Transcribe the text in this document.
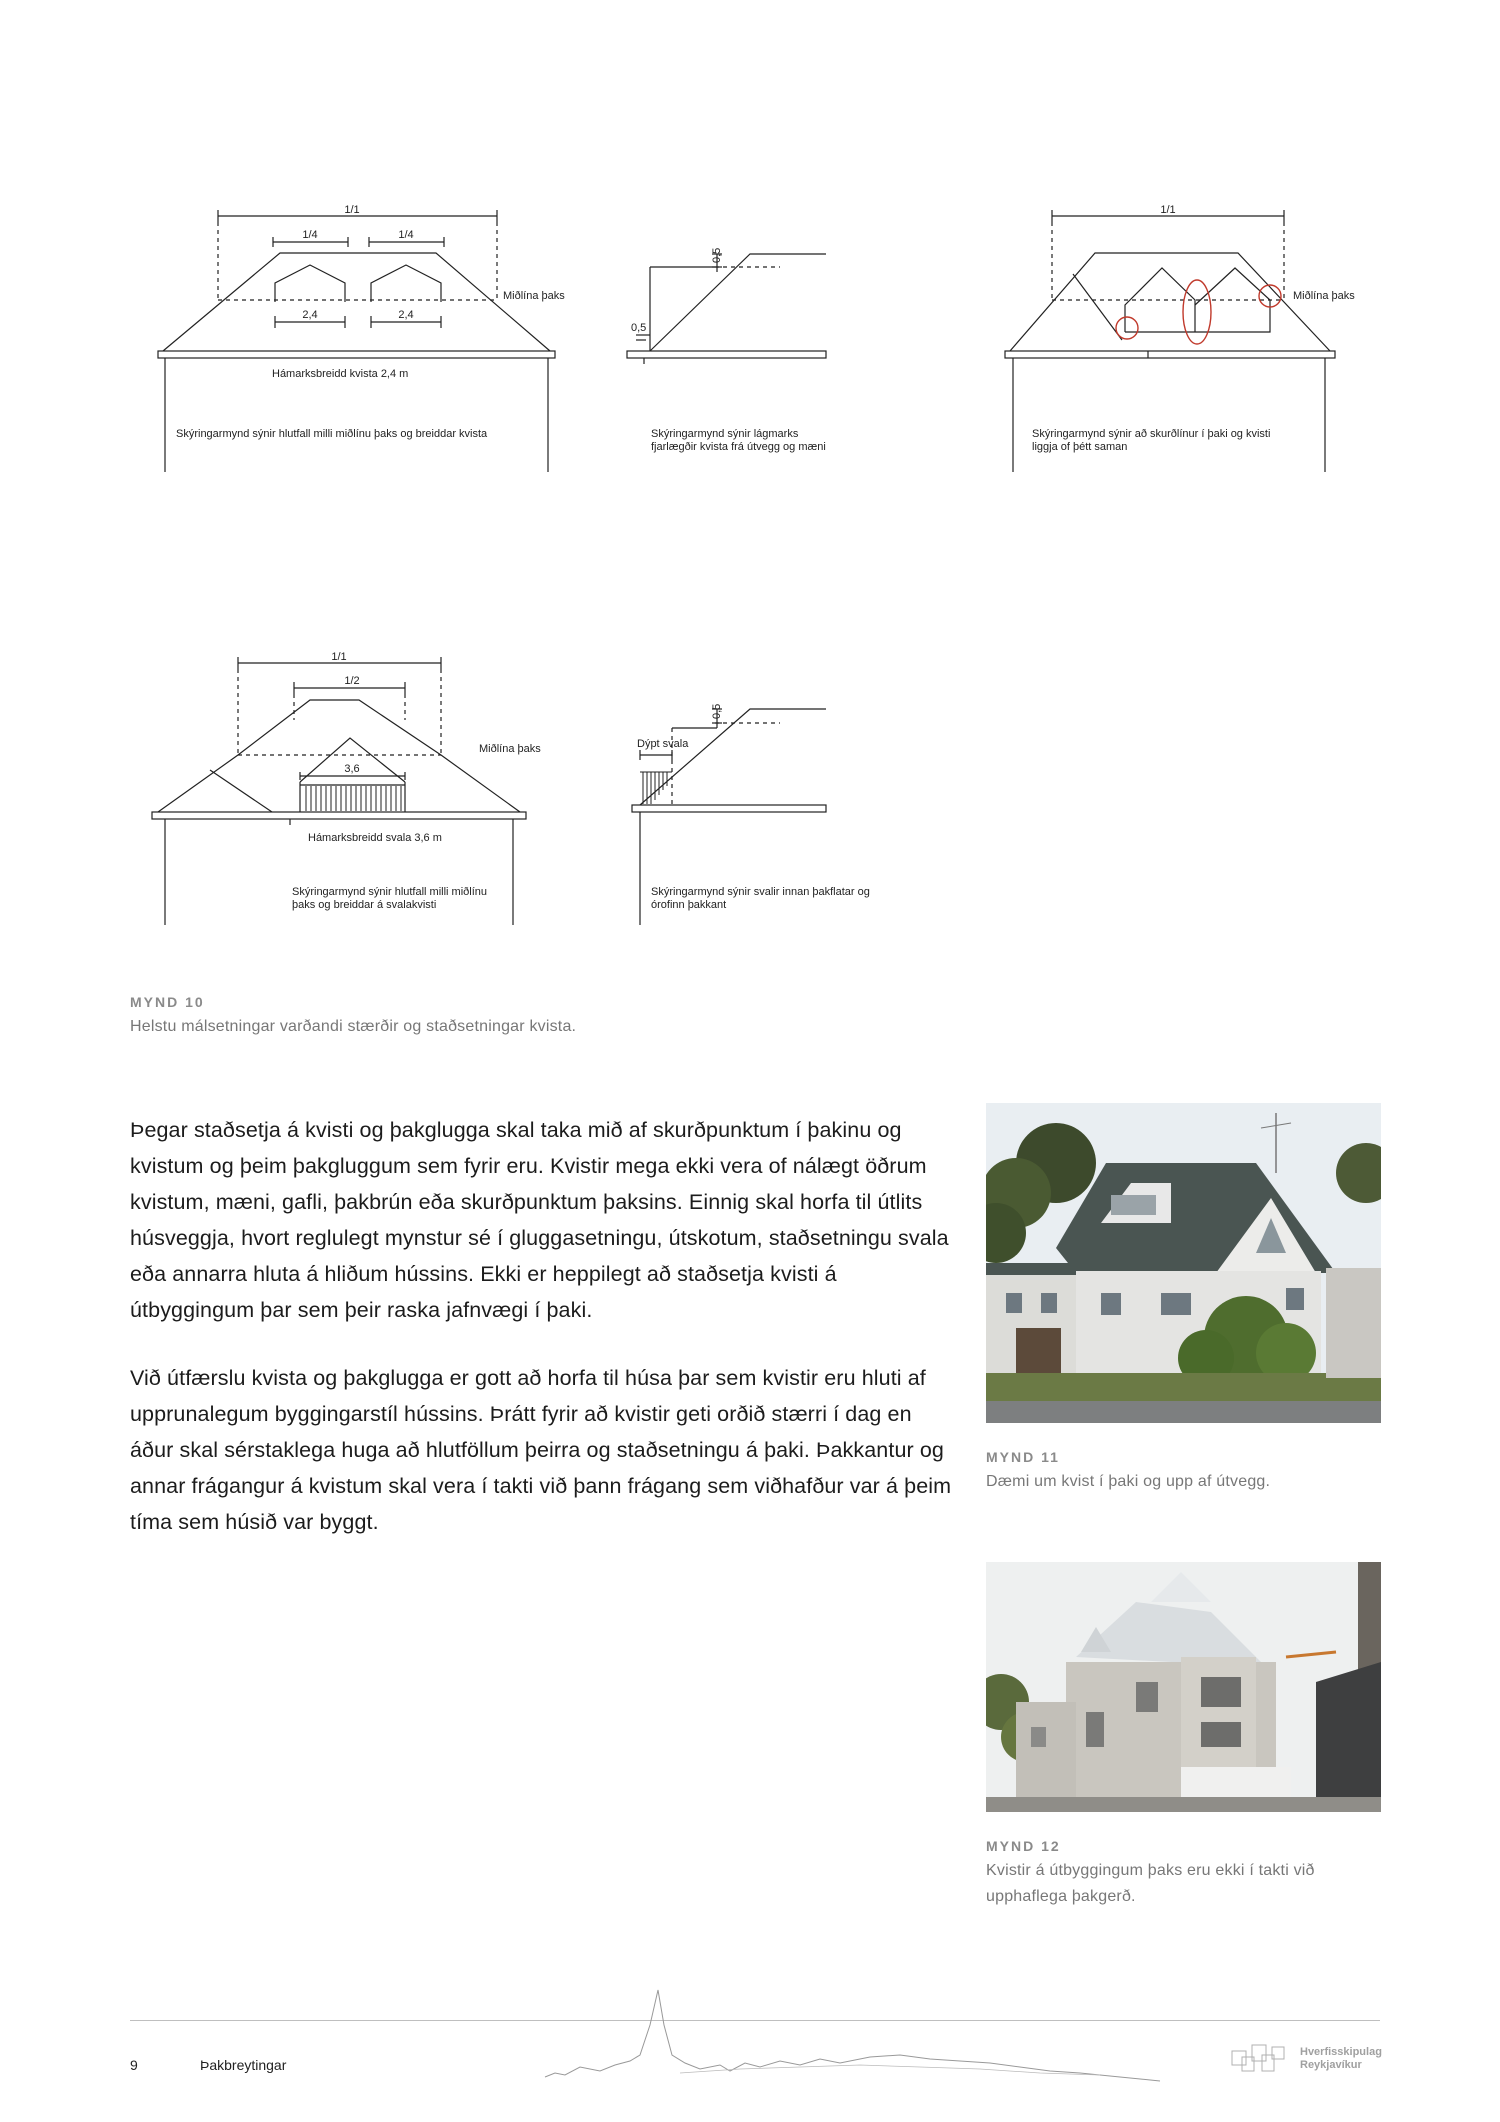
1/1
1/4	1/4
2,4	2,4
Miðlína þaks
Hámarksbreidd kvista 2,4 m
Skýringarmynd sýnir hlutfall milli miðlínu þaks og breiddar kvista
0,5
0,5
Skýringarmynd sýnir lágmarks
fjarlægðir kvista frá útvegg og mæni
1/1
Miðlína þaks
Skýringarmynd sýnir að skurðlínur í þaki og kvisti
liggja of þétt saman
1/1
1/2
3,6
Miðlína þaks
Hámarksbreidd svala 3,6 m
Skýringarmynd sýnir hlutfall milli miðlínu
þaks og breiddar á svalakvisti
0,5
Dýpt svala
Skýringarmynd sýnir svalir innan þakflatar og
órofinn þakkant
MYND 10
Helstu málsetningar varðandi stærðir og staðsetningar kvista.

Þegar staðsetja á kvisti og þakglugga skal taka mið af skurðpunktum í þakinu og kvistum og þeim þakgluggum sem fyrir eru. Kvistir mega ekki vera of nálægt öðrum kvistum, mæni, gafli, þakbrún eða skurðpunktum þaksins. Einnig skal horfa til útlits húsveggja, hvort reglulegt mynstur sé í gluggasetningu, útskotum, staðsetningu svala eða annarra hluta á hliðum hússins. Ekki er heppilegt að staðsetja kvisti á útbyggingum þar sem þeir raska jafnvægi í þaki.

Við útfærslu kvista og þakglugga er gott að horfa til húsa þar sem kvistir eru hluti af upprunalegum byggingarstíl hússins. Þrátt fyrir að kvistir geti orðið stærri í dag en áður skal sérstaklega huga að hlutföllum þeirra og staðsetningu á þaki. Þakkantur og annar frágangur á kvistum skal vera í takti við þann frágang sem viðhafður var á þeim tíma sem húsið var byggt.

MYND 11
Dæmi um kvist í þaki og upp af útvegg.
MYND 12
Kvistir á útbyggingum þaks eru ekki í takti við
upphaflega þakgerð.
9	Þakbreytingar
Hverfisskipulag
Reykjavíkur
